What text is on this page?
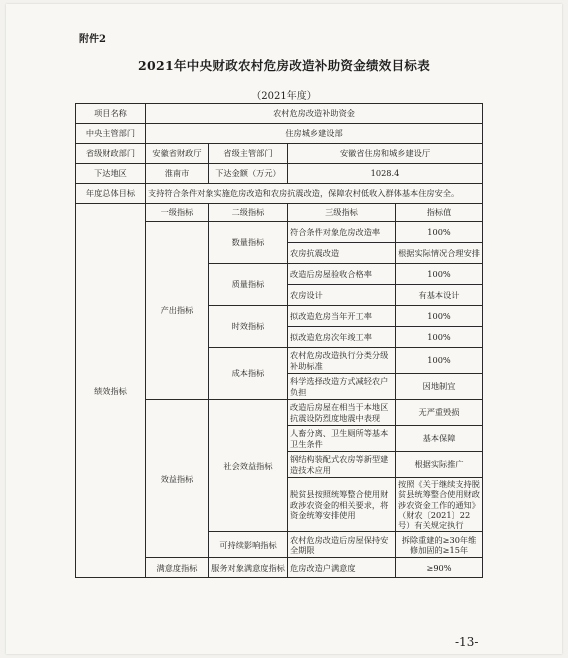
附件2
2021年中央财政农村危房改造补助资金绩效目标表
（2021年度）
项目名称	农村危房改造补助资金			
中央主管部门	住房城乡建设部			
省级财政部门	安徽省财政厅	省级主管部门	安徽省住房和城乡建设厅	
下达地区	淮南市	下达金额（万元）	1028.4	
年度总体目标	支持符合条件对象实施危房改造和农房抗震改造，保障农村低收入群体基本住房安全。			
绩效指标	一级指标	二级指标	三级指标	指标值
	产出指标	数量指标	符合条件对象危房改造率	100%
			农房抗震改造	根据实际情况合理安排
		质量指标	改造后房屋验收合格率	100%
			农房设计	有基本设计
		时效指标	拟改造危房当年开工率	100%
			拟改造危房次年竣工率	100%
		成本指标	农村危房改造执行分类分级补助标准	100%
			科学选择改造方式减轻农户负担	因地制宜
	效益指标	社会效益指标	改造后房屋在相当于本地区抗震设防烈度地震中表现	无严重毁损
			人畜分离、卫生厕所等基本卫生条件	基本保障
			钢结构装配式农房等新型建造技术应用	根据实际推广
			脱贫县按照统筹整合使用财政涉农资金的相关要求，将资金统筹安排使用	按照《关于继续支持脱贫县统筹整合使用财政涉农资金工作的通知》（财农〔2021〕22号）有关规定执行
		可持续影响指标	农村危房改造后房屋保持安全期限	拆除重建的≥30年维修加固的≥15年
	满意度指标	服务对象满意度指标	危房改造户满意度	≥90%
-13-
